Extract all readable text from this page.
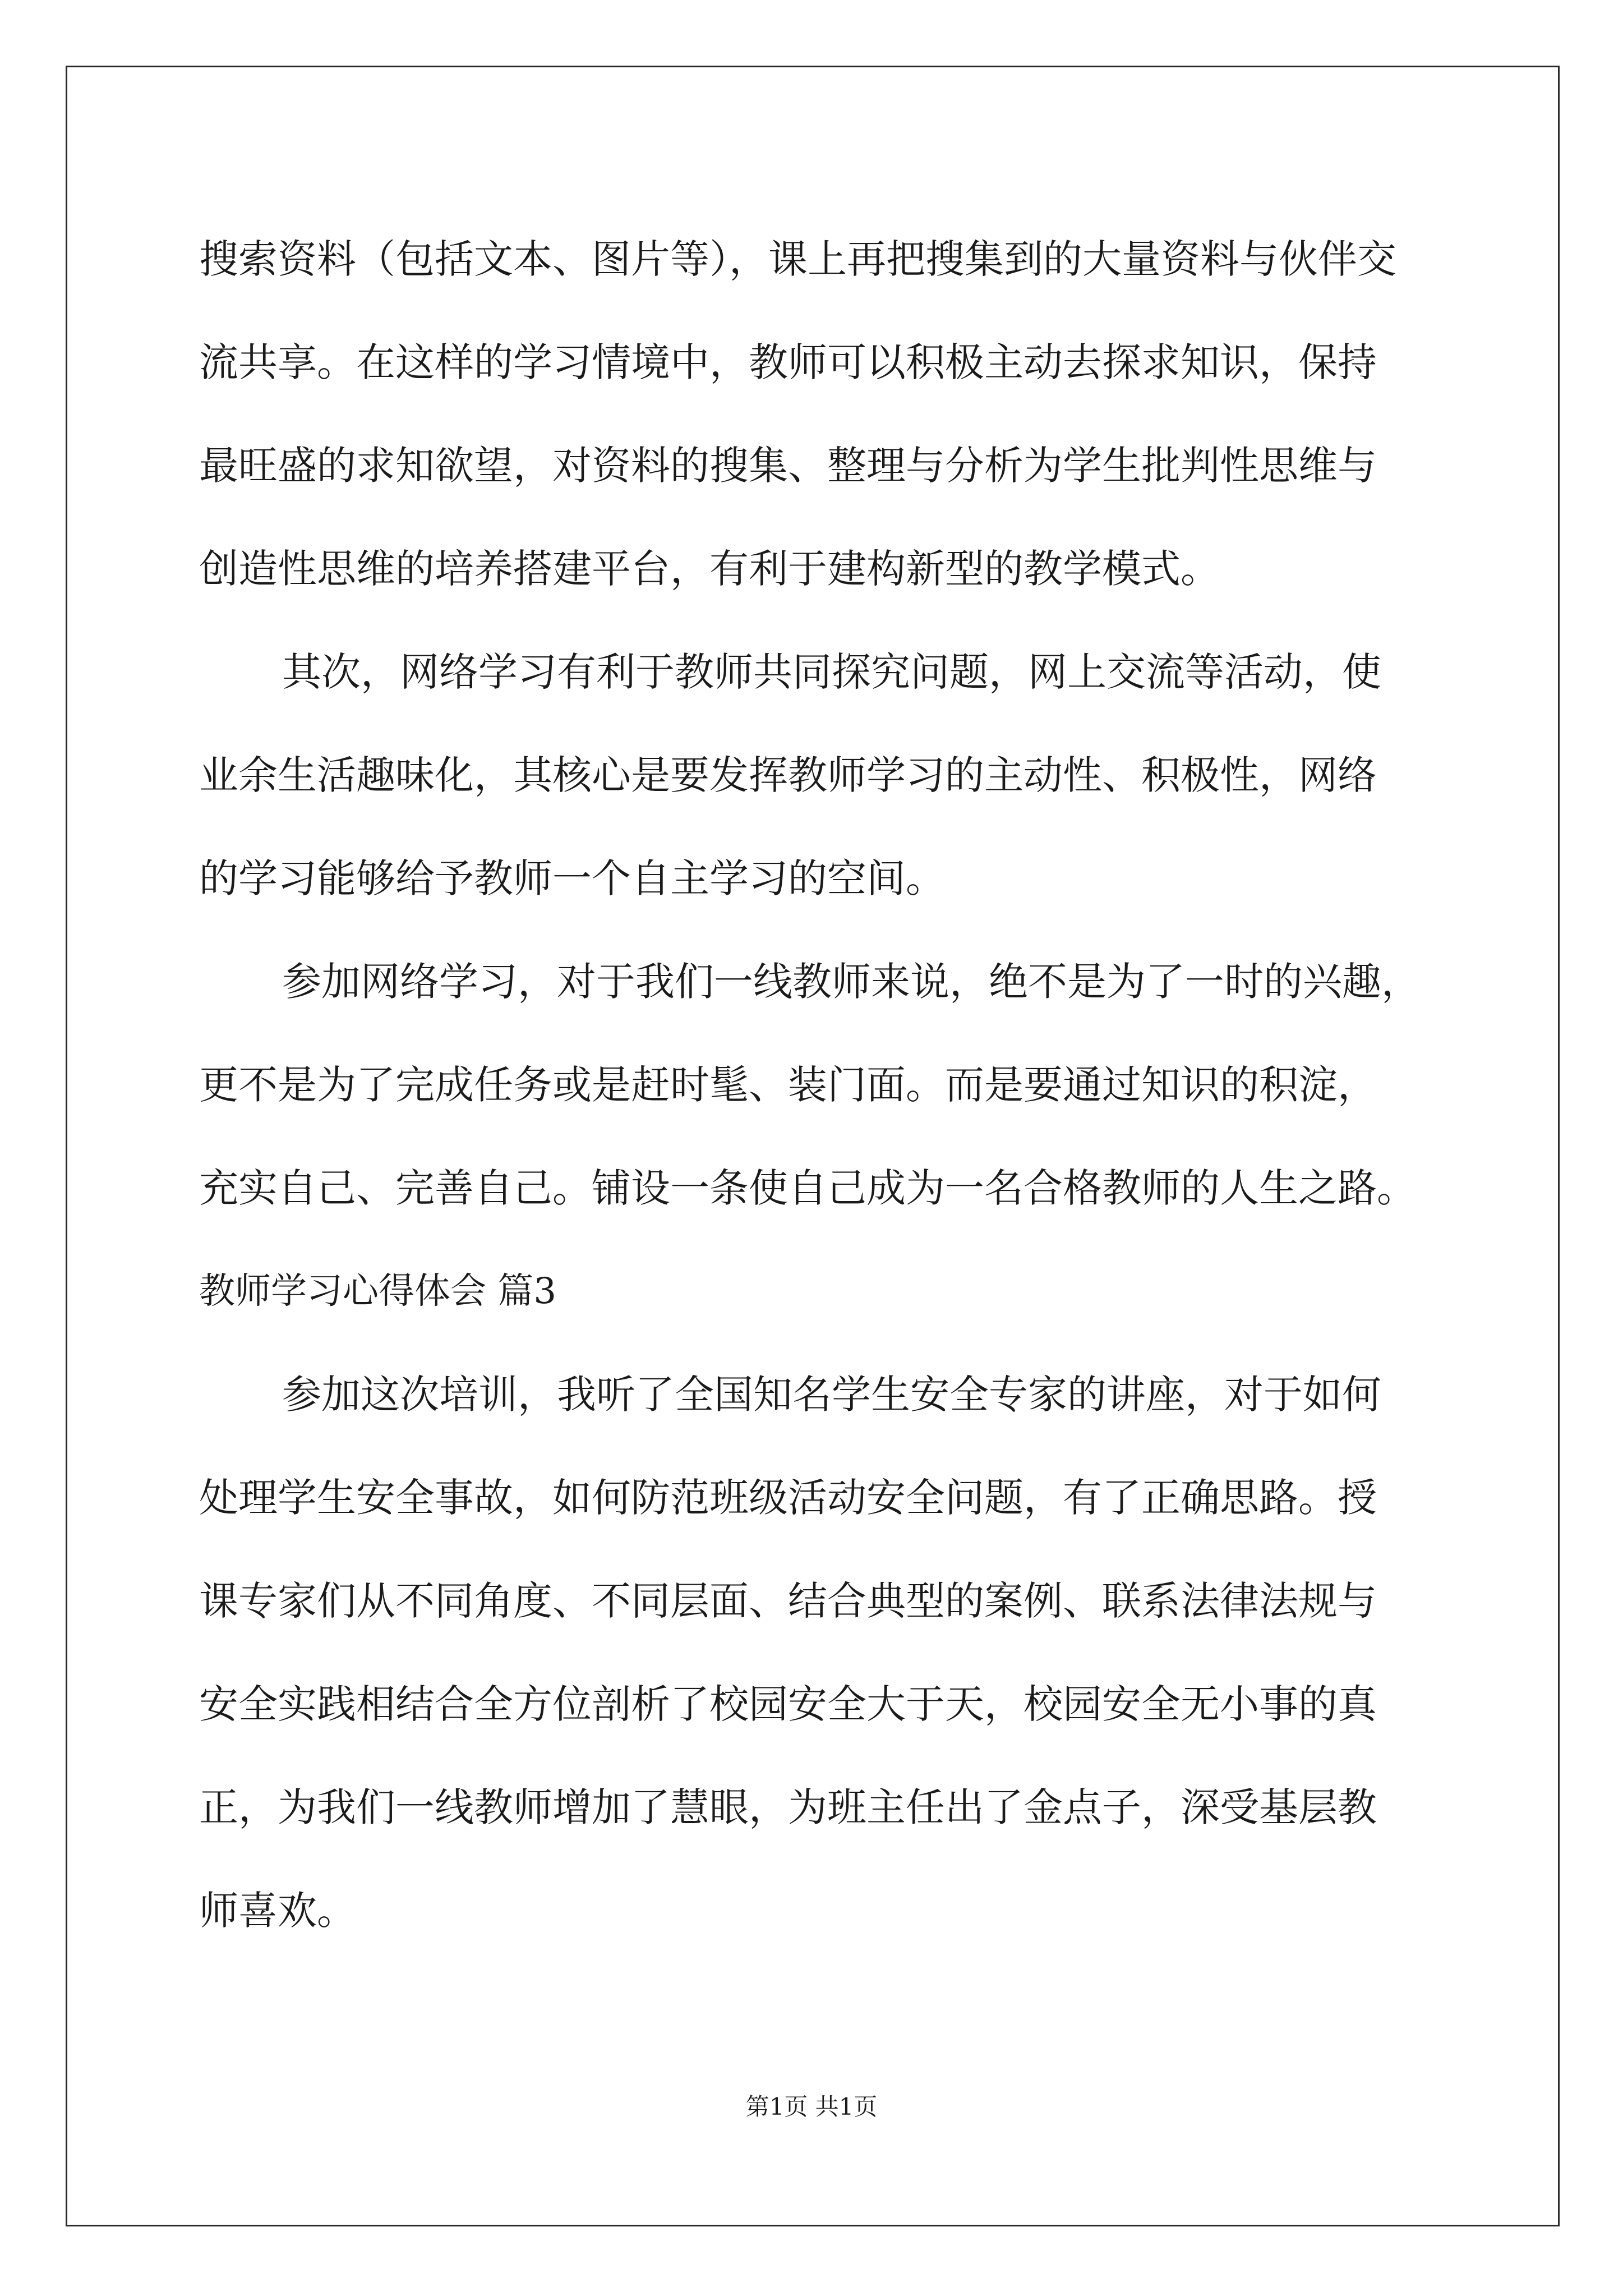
搜索资料（包括文本、图片等），课上再把搜集到的大量资料与伙伴交
流共享。在这样的学习情境中，教师可以积极主动去探求知识，保持
最旺盛的求知欲望，对资料的搜集、整理与分析为学生批判性思维与
创造性思维的培养搭建平台，有利于建构新型的教学模式。
其次，网络学习有利于教师共同探究问题，网上交流等活动，使
业余生活趣味化，其核心是要发挥教师学习的主动性、积极性，网络
的学习能够给予教师一个自主学习的空间。
参加网络学习，对于我们一线教师来说，绝不是为了一时的兴趣，
更不是为了完成任务或是赶时髦、装门面。而是要通过知识的积淀，
充实自己、完善自己。铺设一条使自己成为一名合格教师的人生之路。
教师学习心得体会 篇3
参加这次培训，我听了全国知名学生安全专家的讲座，对于如何
处理学生安全事故，如何防范班级活动安全问题，有了正确思路。授
课专家们从不同角度、不同层面、结合典型的案例、联系法律法规与
安全实践相结合全方位剖析了校园安全大于天，校园安全无小事的真
正，为我们一线教师增加了慧眼，为班主任出了金点子，深受基层教
师喜欢。
第1页 共1页
